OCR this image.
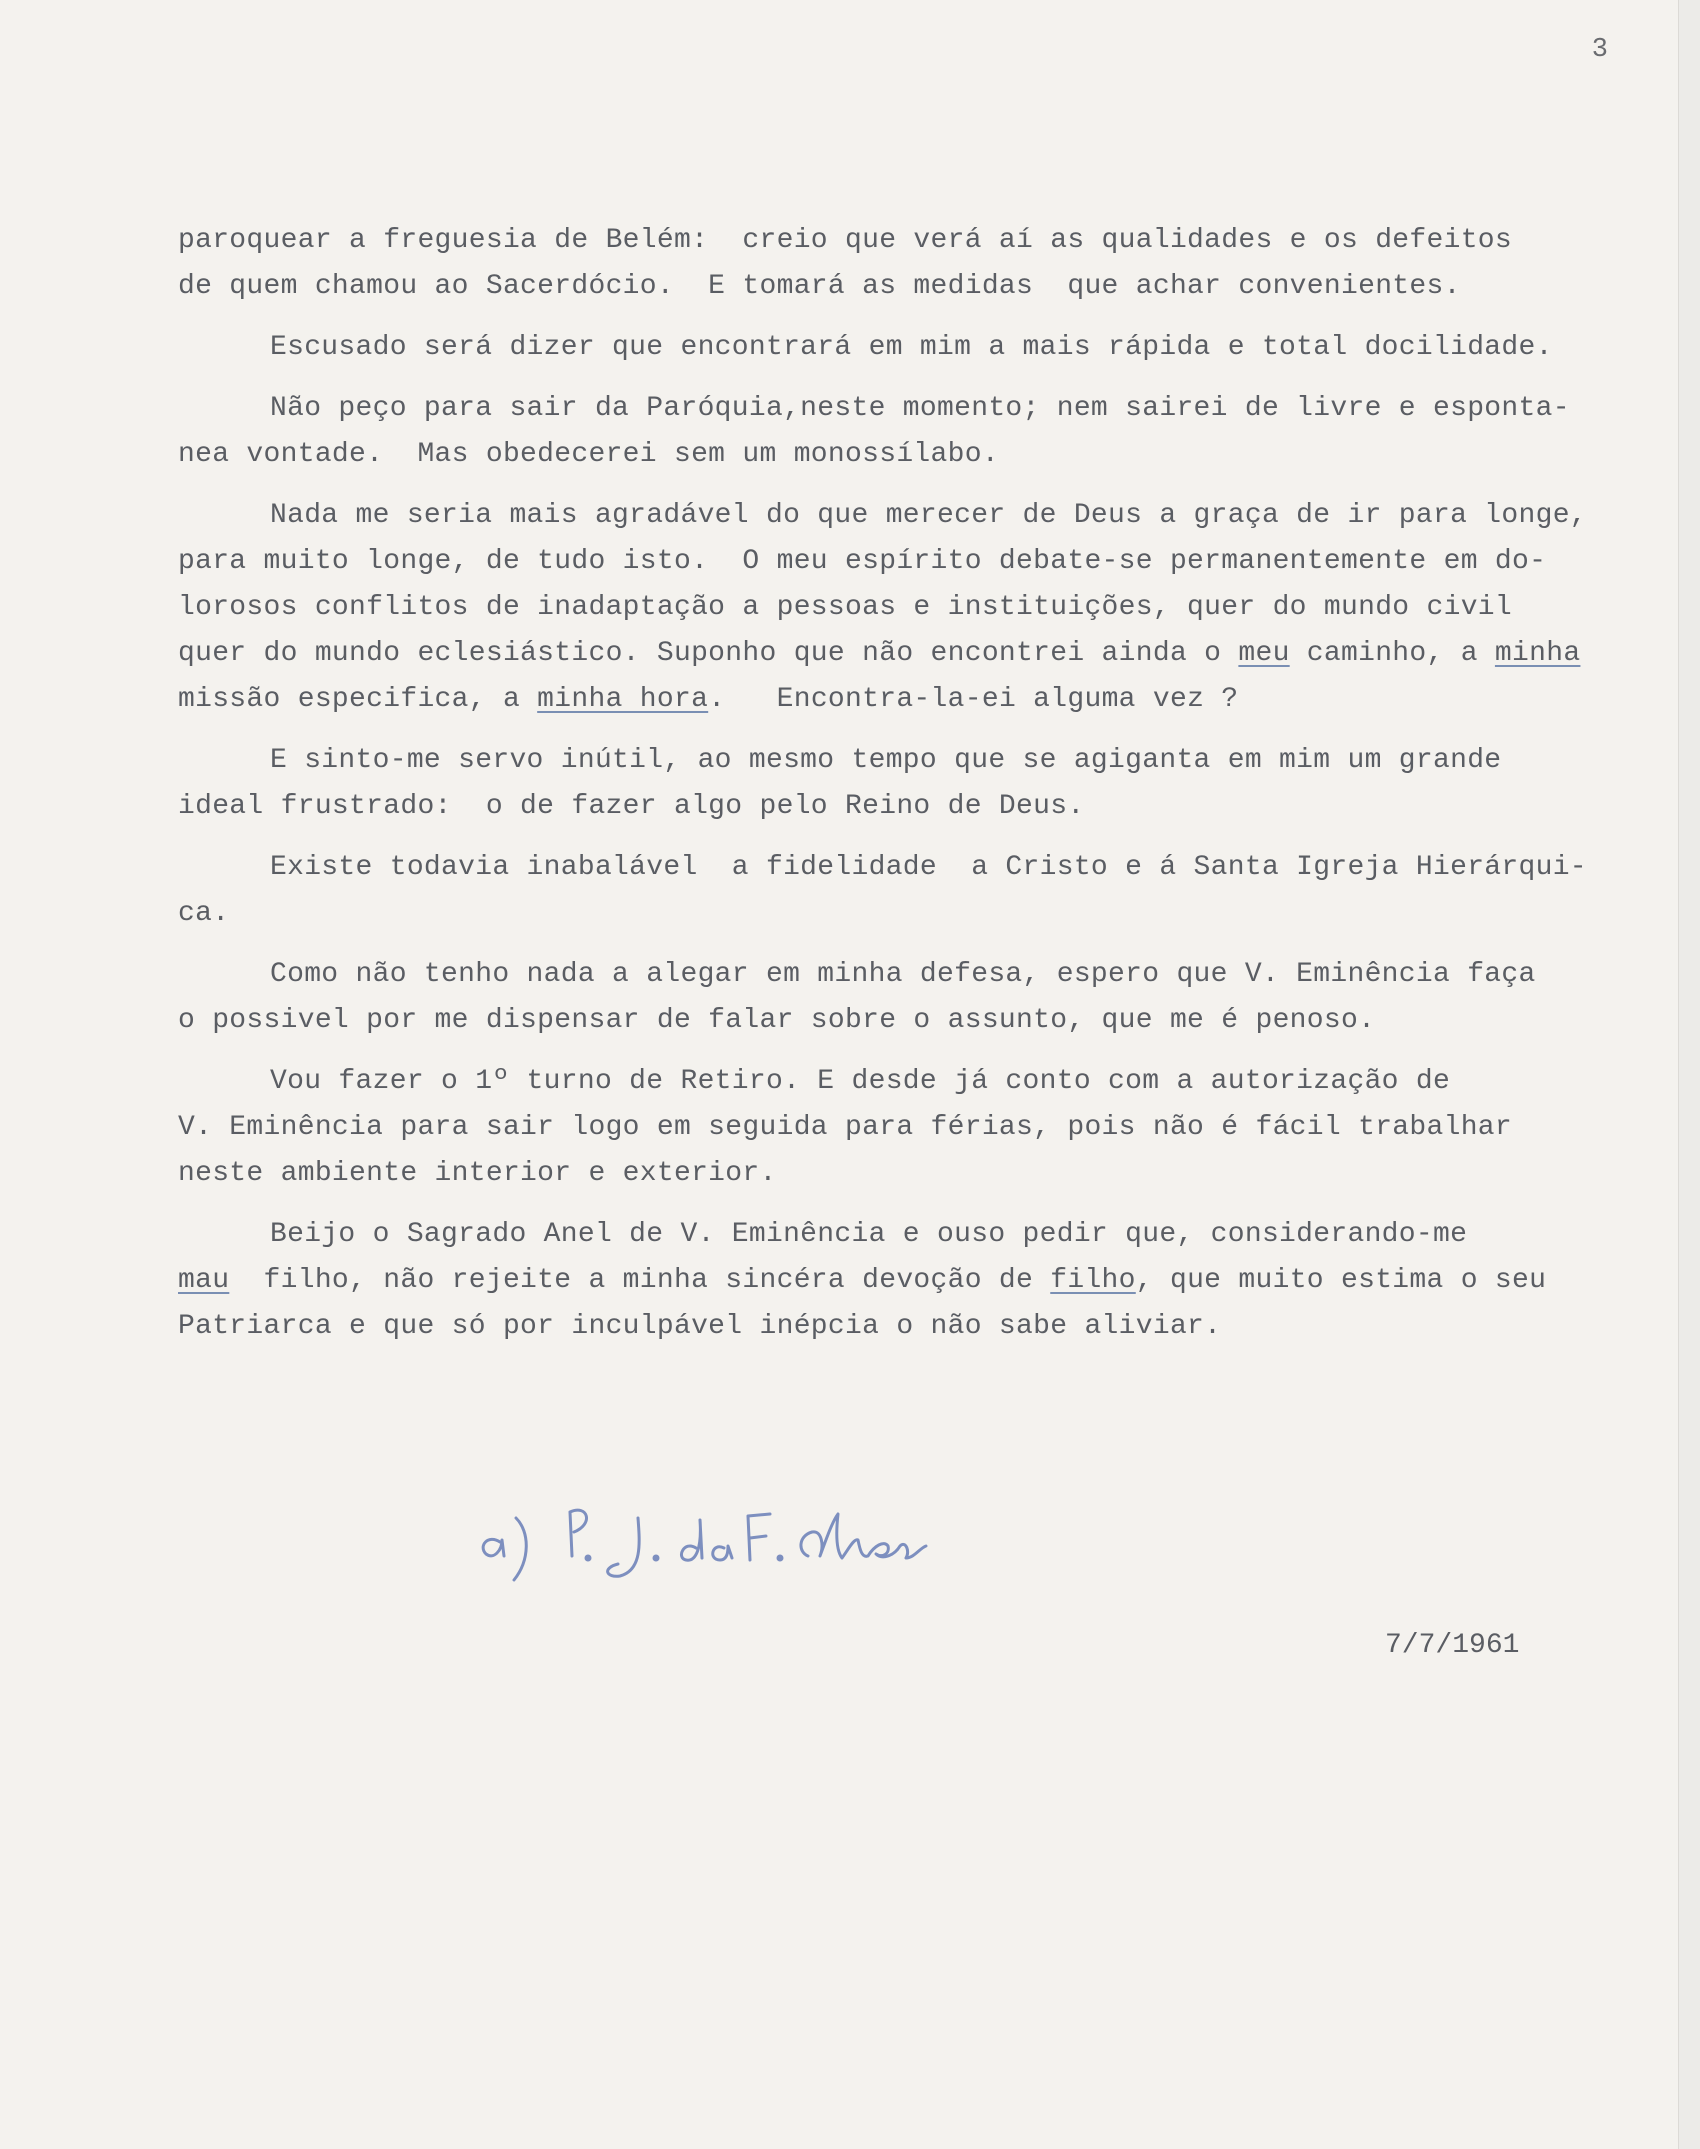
3
paroquear a freguesia de Belém:  creio que verá aí as qualidades e os defeitos
de quem chamou ao Sacerdócio.  E tomará as medidas  que achar convenientes.
Escusado será dizer que encontrará em mim a mais rápida e total docilidade.
Não peço para sair da Paróquia,neste momento; nem sairei de livre e esponta-
nea vontade.  Mas obedecerei sem um monossílabo.
Nada me seria mais agradável do que merecer de Deus a graça de ir para longe,
para muito longe, de tudo isto.  O meu espírito debate-se permanentemente em do-
lorosos conflitos de inadaptação a pessoas e instituições, quer do mundo civil
quer do mundo eclesiástico. Suponho que não encontrei ainda o meu caminho, a minha
missão especifica, a minha hora.   Encontra-la-ei alguma vez ?
E sinto-me servo inútil, ao mesmo tempo que se agiganta em mim um grande
ideal frustrado:  o de fazer algo pelo Reino de Deus.
Existe todavia inabalável  a fidelidade  a Cristo e á Santa Igreja Hierárqui-
ca.
Como não tenho nada a alegar em minha defesa, espero que V. Eminência faça
o possivel por me dispensar de falar sobre o assunto, que me é penoso.
Vou fazer o 1º turno de Retiro. E desde já conto com a autorização de
V. Eminência para sair logo em seguida para férias, pois não é fácil trabalhar
neste ambiente interior e exterior.
Beijo o Sagrado Anel de V. Eminência e ouso pedir que, considerando-me
mau  filho, não rejeite a minha sincéra devoção de filho, que muito estima o seu
Patriarca e que só por inculpável inépcia o não sabe aliviar.
7/7/1961
